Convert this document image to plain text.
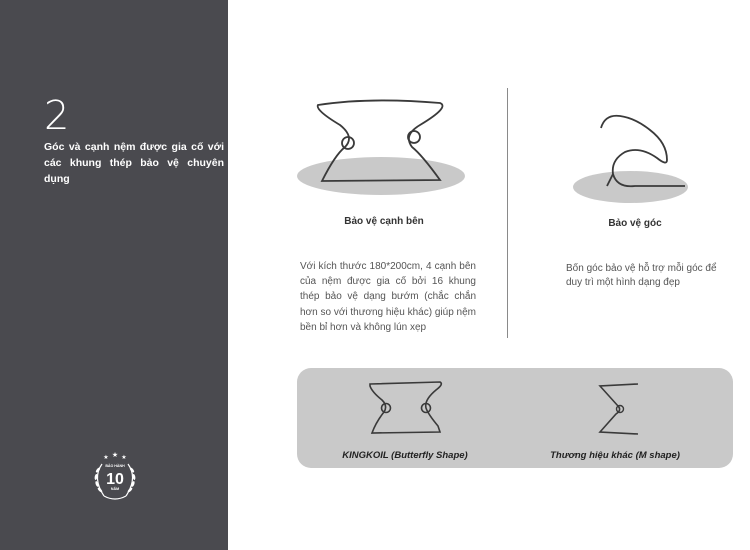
2
Góc và cạnh nệm được gia cố với các khung thép bảo vệ chuyên dụng
★ ★ ★
BẢO HÀNH
10
NĂM
Bảo vệ cạnh bên
Với kích thước 180*200cm, 4 cạnh bên của nệm được gia cố bởi 16 khung thép bảo vệ dạng bướm (chắc chắn hơn so với thương hiệu khác) giúp nệm bền bỉ hơn và không lún xẹp
Bảo vệ góc
Bốn góc bảo vệ hỗ trợ mỗi góc để duy trì một hình dạng đẹp
KINGKOIL (Butterfly Shape)	Thương hiệu khác (M shape)
